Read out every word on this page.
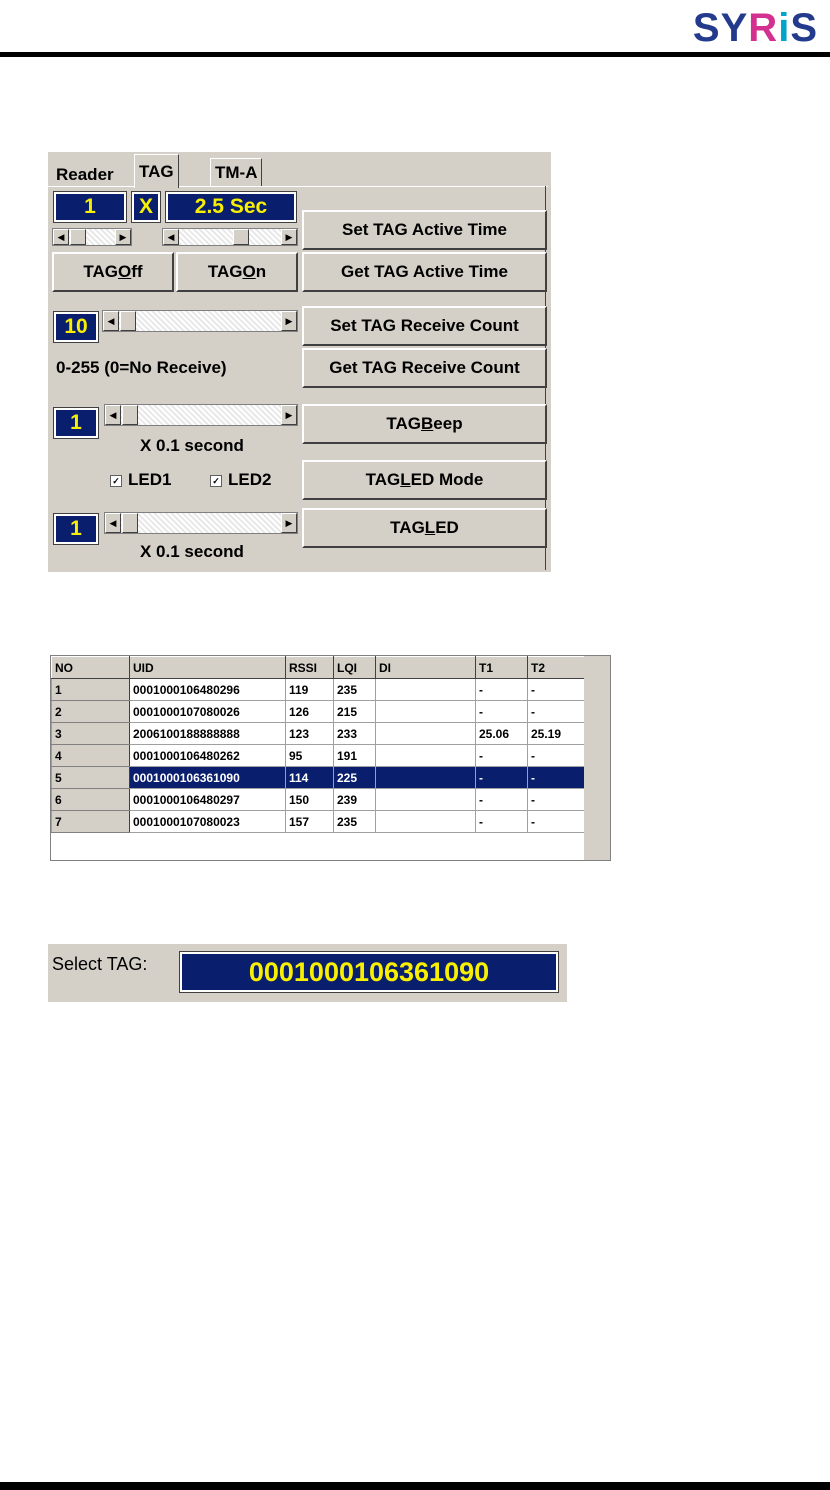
SYRiS
Reader TAG TM-A
1	X	2.5 Sec
◀	▶	◀	▶	Set TAG Active Time
TAG O ff	TAG O n	Get TAG Active Time
10	◀	▶	Set TAG Receive Count
0-255 (0=No Receive)	Get TAG Receive Count
1	◀	▶
X 0.1 second
TAG B eep
✓ LED1	✓ LED2	TAG L ED Mode
1	◀	▶
X 0.1 second
TAG L ED
NO	UID	RSSI	LQI	DI	T1	T2
1	0001000106480296	119	235		-	-
2	0001000107080026	126	215		-	-
3	2006100188888888	123	233		25.06	25.19
4	0001000106480262	95	191		-	-
5	0001000106361090	114	225		-	-
6	0001000106480297	150	239		-	-
7	0001000107080023	157	235		-	-
Select TAG:	0001000106361090
